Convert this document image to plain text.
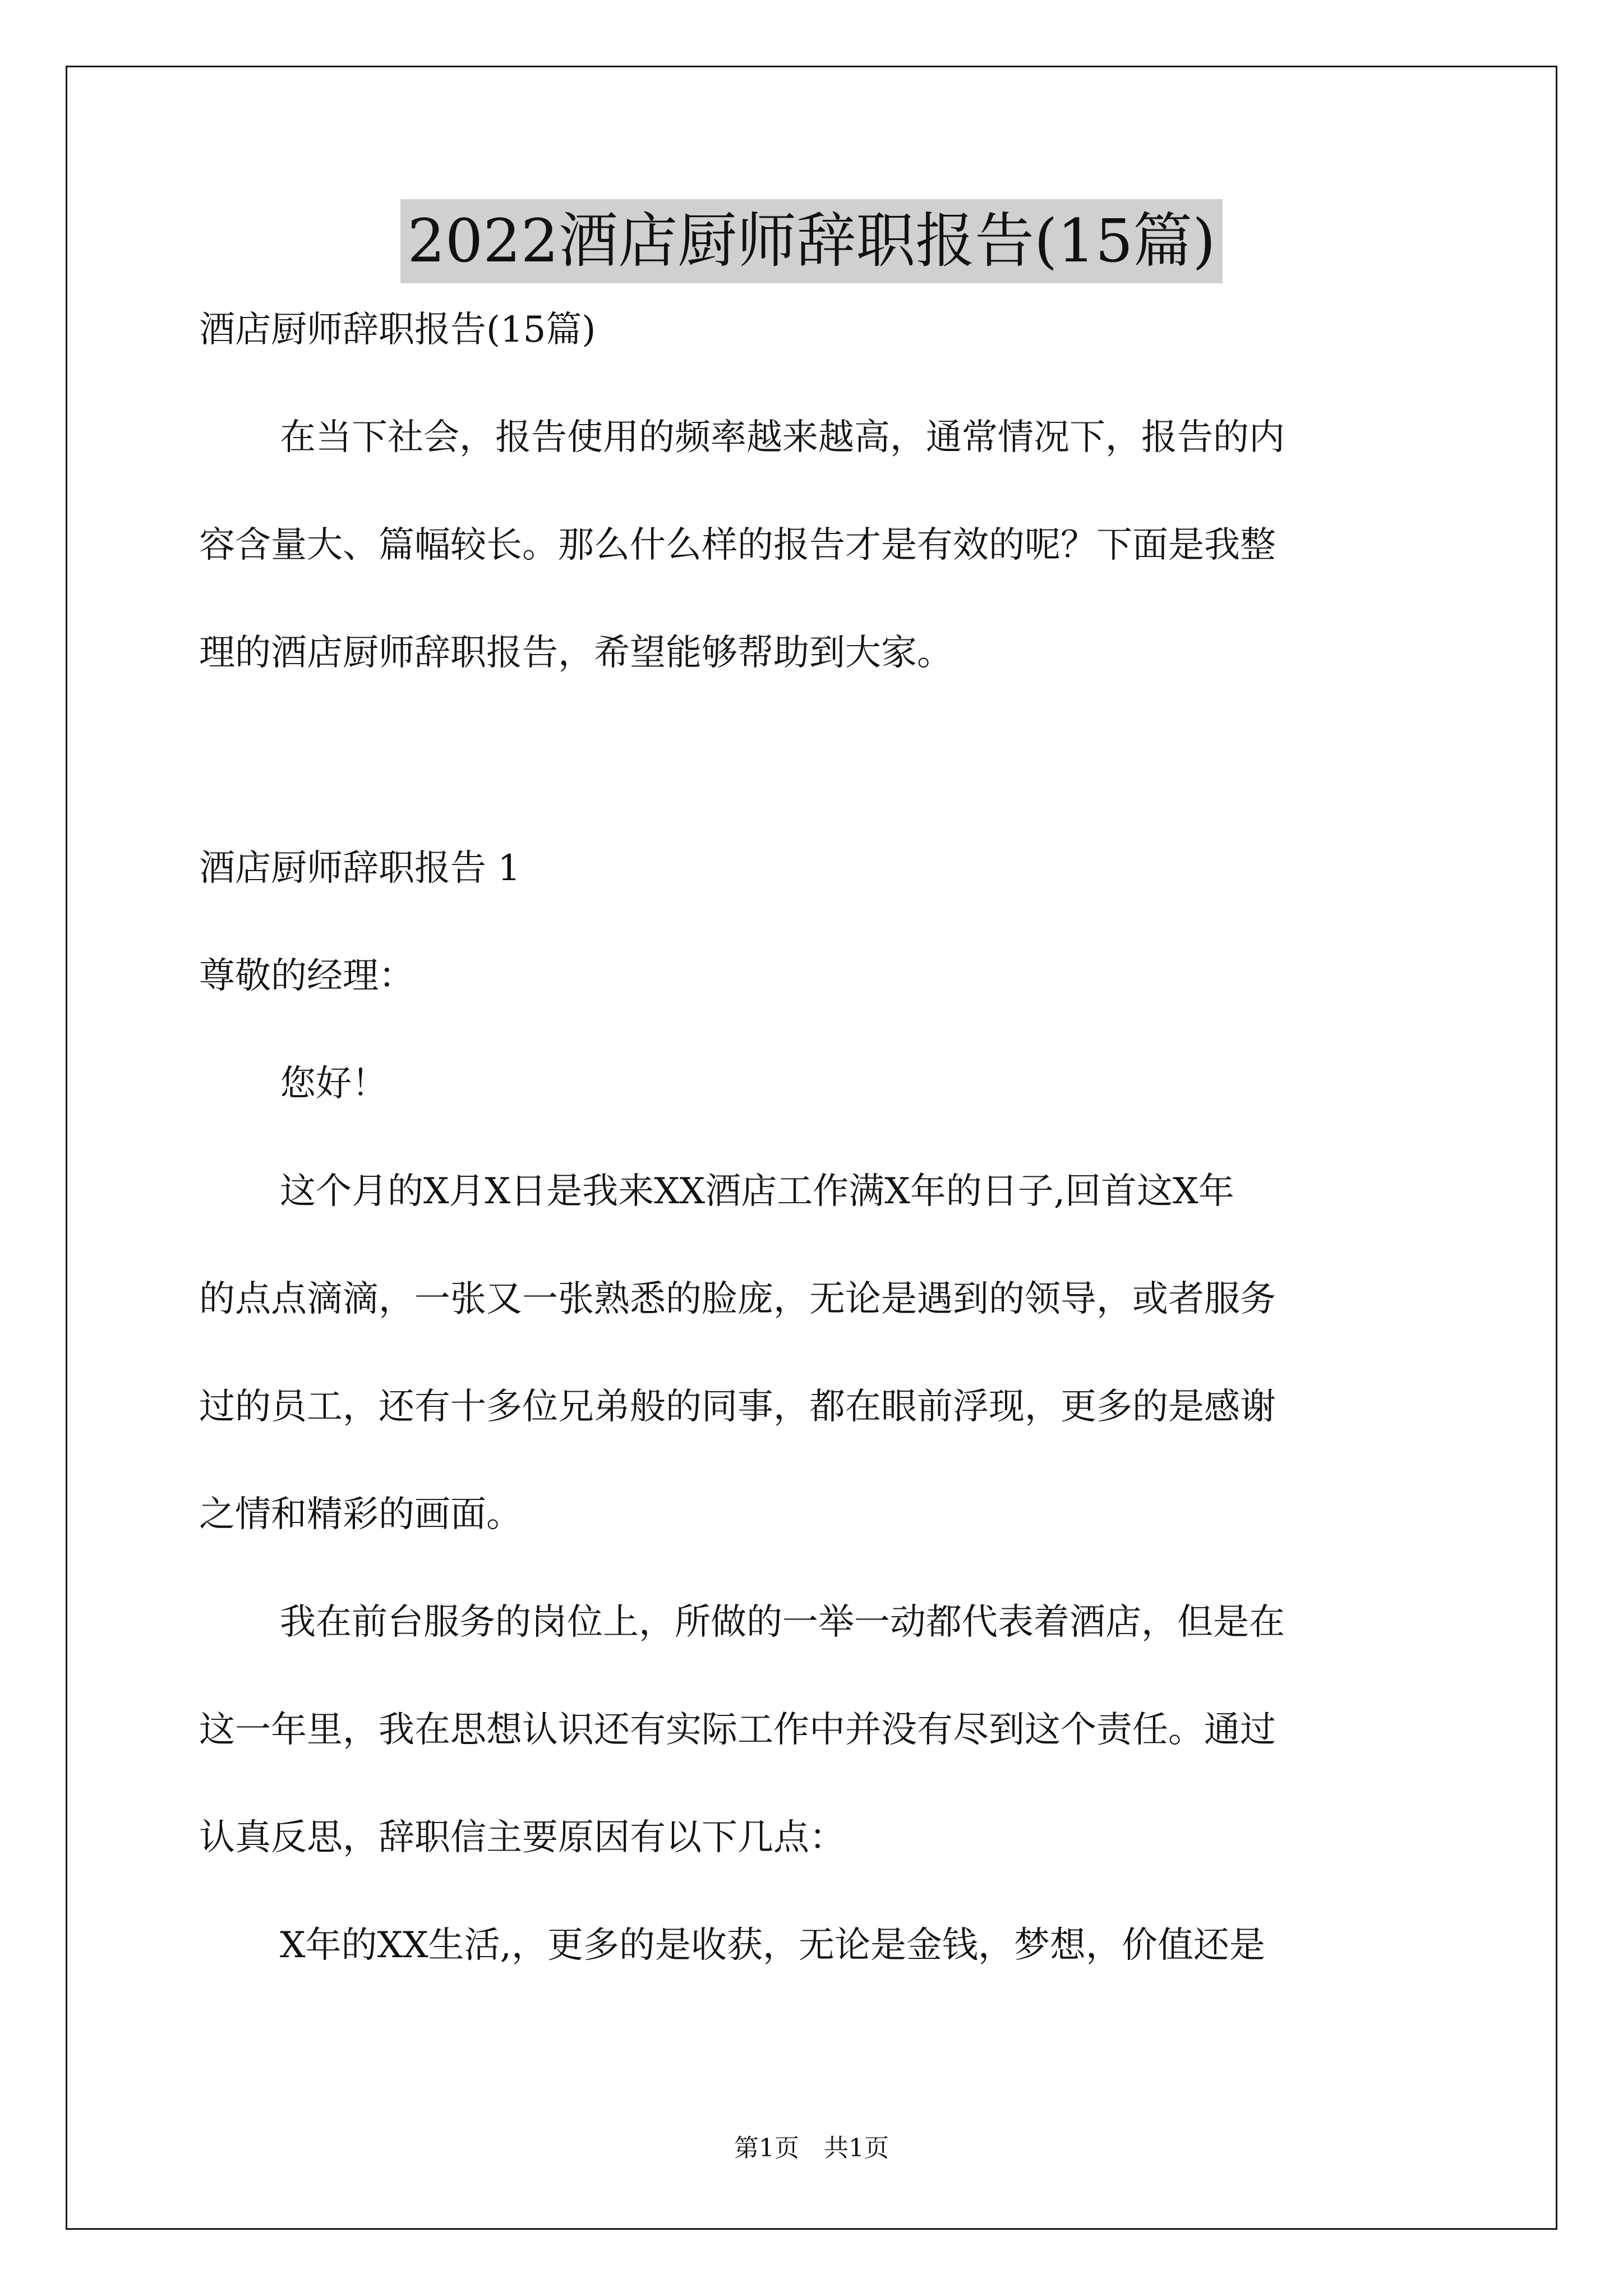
2022酒店厨师辞职报告(15篇)
酒店厨师辞职报告(15篇)
在当下社会，报告使用的频率越来越高，通常情况下，报告的内
容含量大、篇幅较长。那么什么样的报告才是有效的呢？下面是我整
理的酒店厨师辞职报告，希望能够帮助到大家。
酒店厨师辞职报告 1
尊敬的经理：
您好！
这个月的X月X日是我来XX酒店工作满X年的日子,回首这X年
的点点滴滴，一张又一张熟悉的脸庞，无论是遇到的领导，或者服务
过的员工，还有十多位兄弟般的同事，都在眼前浮现，更多的是感谢
之情和精彩的画面。
我在前台服务的岗位上，所做的一举一动都代表着酒店，但是在
这一年里，我在思想认识还有实际工作中并没有尽到这个责任。通过
认真反思，辞职信主要原因有以下几点：
X年的XX生活,，更多的是收获，无论是金钱，梦想，价值还是
第1页　共1页
